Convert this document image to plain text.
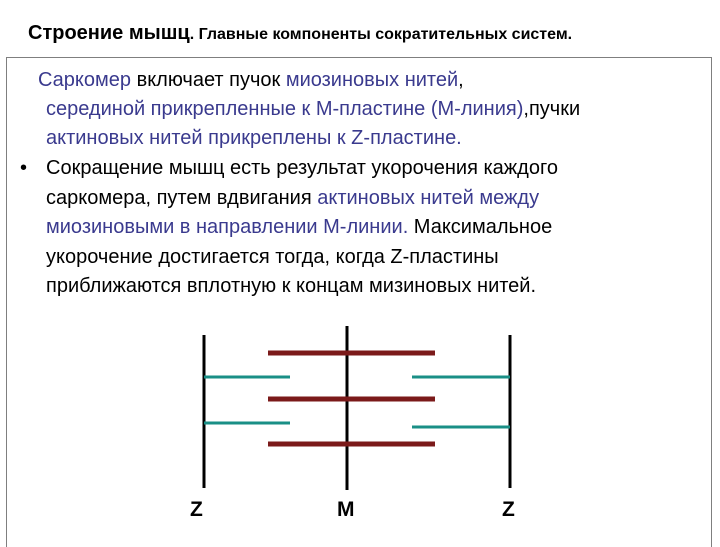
Строение мышц. Главные компоненты сократительных систем.
Саркомер включает пучок миозиновых нитей,
серединой прикрепленные к М-пластине (М-линия),пучки
актиновых нитей прикреплены к Z-пластине.
• Сокращение мышц есть результат укорочения каждого
саркомера, путем вдвигания актиновых нитей между
миозиновыми в направлении М-линии. Максимальное
укорочение достигается тогда, когда Z-пластины
приближаются вплотную к концам мизиновых нитей.
Z	M	Z
